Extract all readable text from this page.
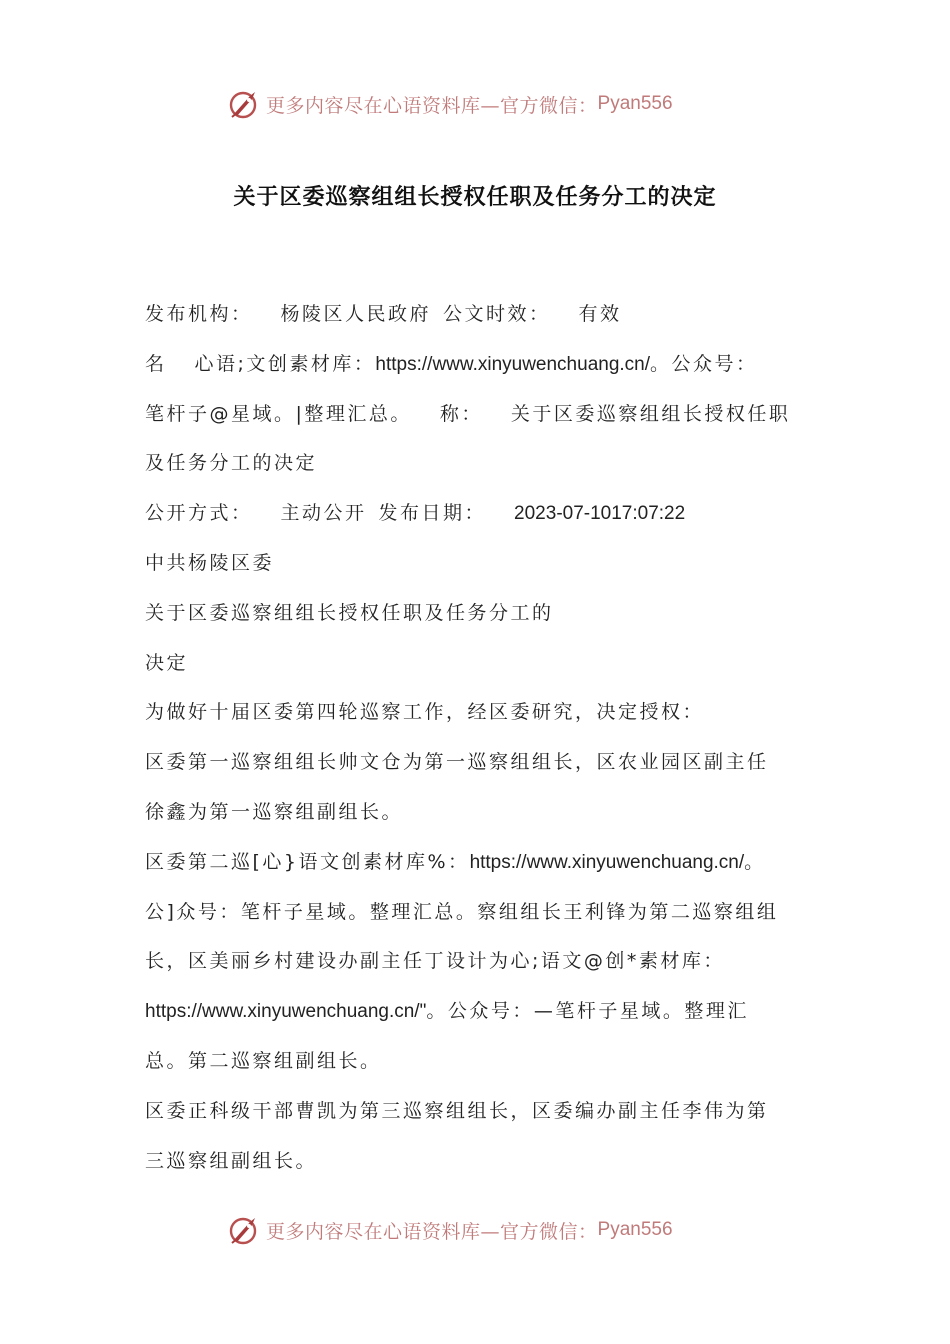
更多内容尽在心语资料库—官方微信： Pyan556
关于区委巡察组组长授权任职及任务分工的决定

发布机构： 杨陵区人民政府 公文时效： 有效

名 心语;文创素材库：https://www.xinyuwenchuang.cn/。公众号：

笔杆子@星域。|整理汇总。 称： 关于区委巡察组组长授权任职

及任务分工的决定

公开方式： 主动公开 发布日期： 2023-07-1017:07:22

中共杨陵区委

关于区委巡察组组长授权任职及任务分工的

决定

为做好十届区委第四轮巡察工作，经区委研究，决定授权：

区委第一巡察组组长帅文仓为第一巡察组组长，区农业园区副主任

徐鑫为第一巡察组副组长。

区委第二巡[心}语文创素材库%：https://www.xinyuwenchuang.cn/。

公]众号：笔杆子星域。整理汇总。察组组长王利锋为第二巡察组组

长，区美丽乡村建设办副主任丁设计为心;语文@创*素材库：

https://www.xinyuwenchuang.cn/"。公众号：—笔杆子星域。整理汇

总。第二巡察组副组长。

区委正科级干部曹凯为第三巡察组组长，区委编办副主任李伟为第

三巡察组副组长。

更多内容尽在心语资料库—官方微信： Pyan556
